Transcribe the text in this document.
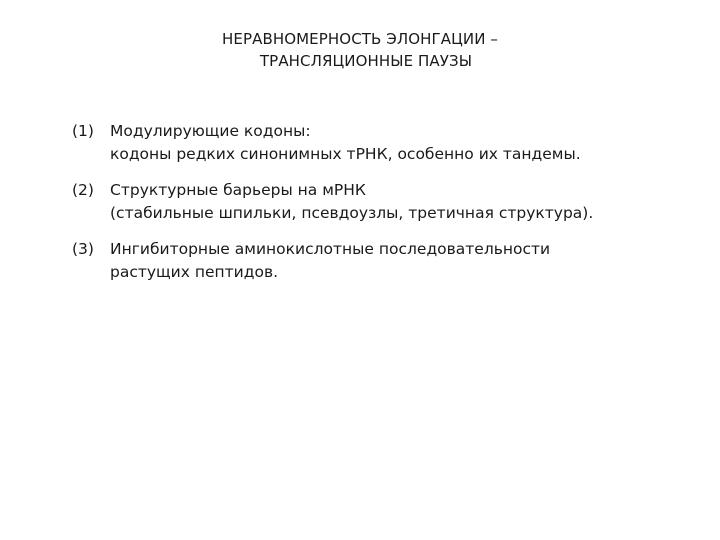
НЕРАВНОМЕРНОСТЬ ЭЛОНГАЦИИ –
ТРАНСЛЯЦИОННЫЕ ПАУЗЫ
(1)	Модулирующие кодоны:
кодоны редких синонимных тРНК, особенно их тандемы.
(2)	Структурные барьеры на мРНК
(стабильные шпильки, псевдоузлы, третичная структура).
(3)	Ингибиторные аминокислотные последовательности
растущих пептидов.
